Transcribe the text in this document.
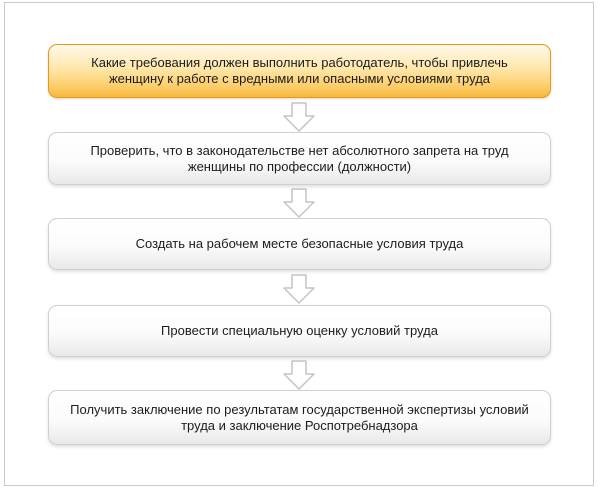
Какие требования должен выполнить работодатель, чтобы привлечь женщину к работе с вредными или опасными условиями труда
Проверить, что в законодательстве нет абсолютного запрета на труд женщины по профессии (должности)
Создать на рабочем месте безопасные условия труда
Провести специальную оценку условий труда
Получить заключение по результатам государственной экспертизы условий труда и заключение Роспотребнадзора
